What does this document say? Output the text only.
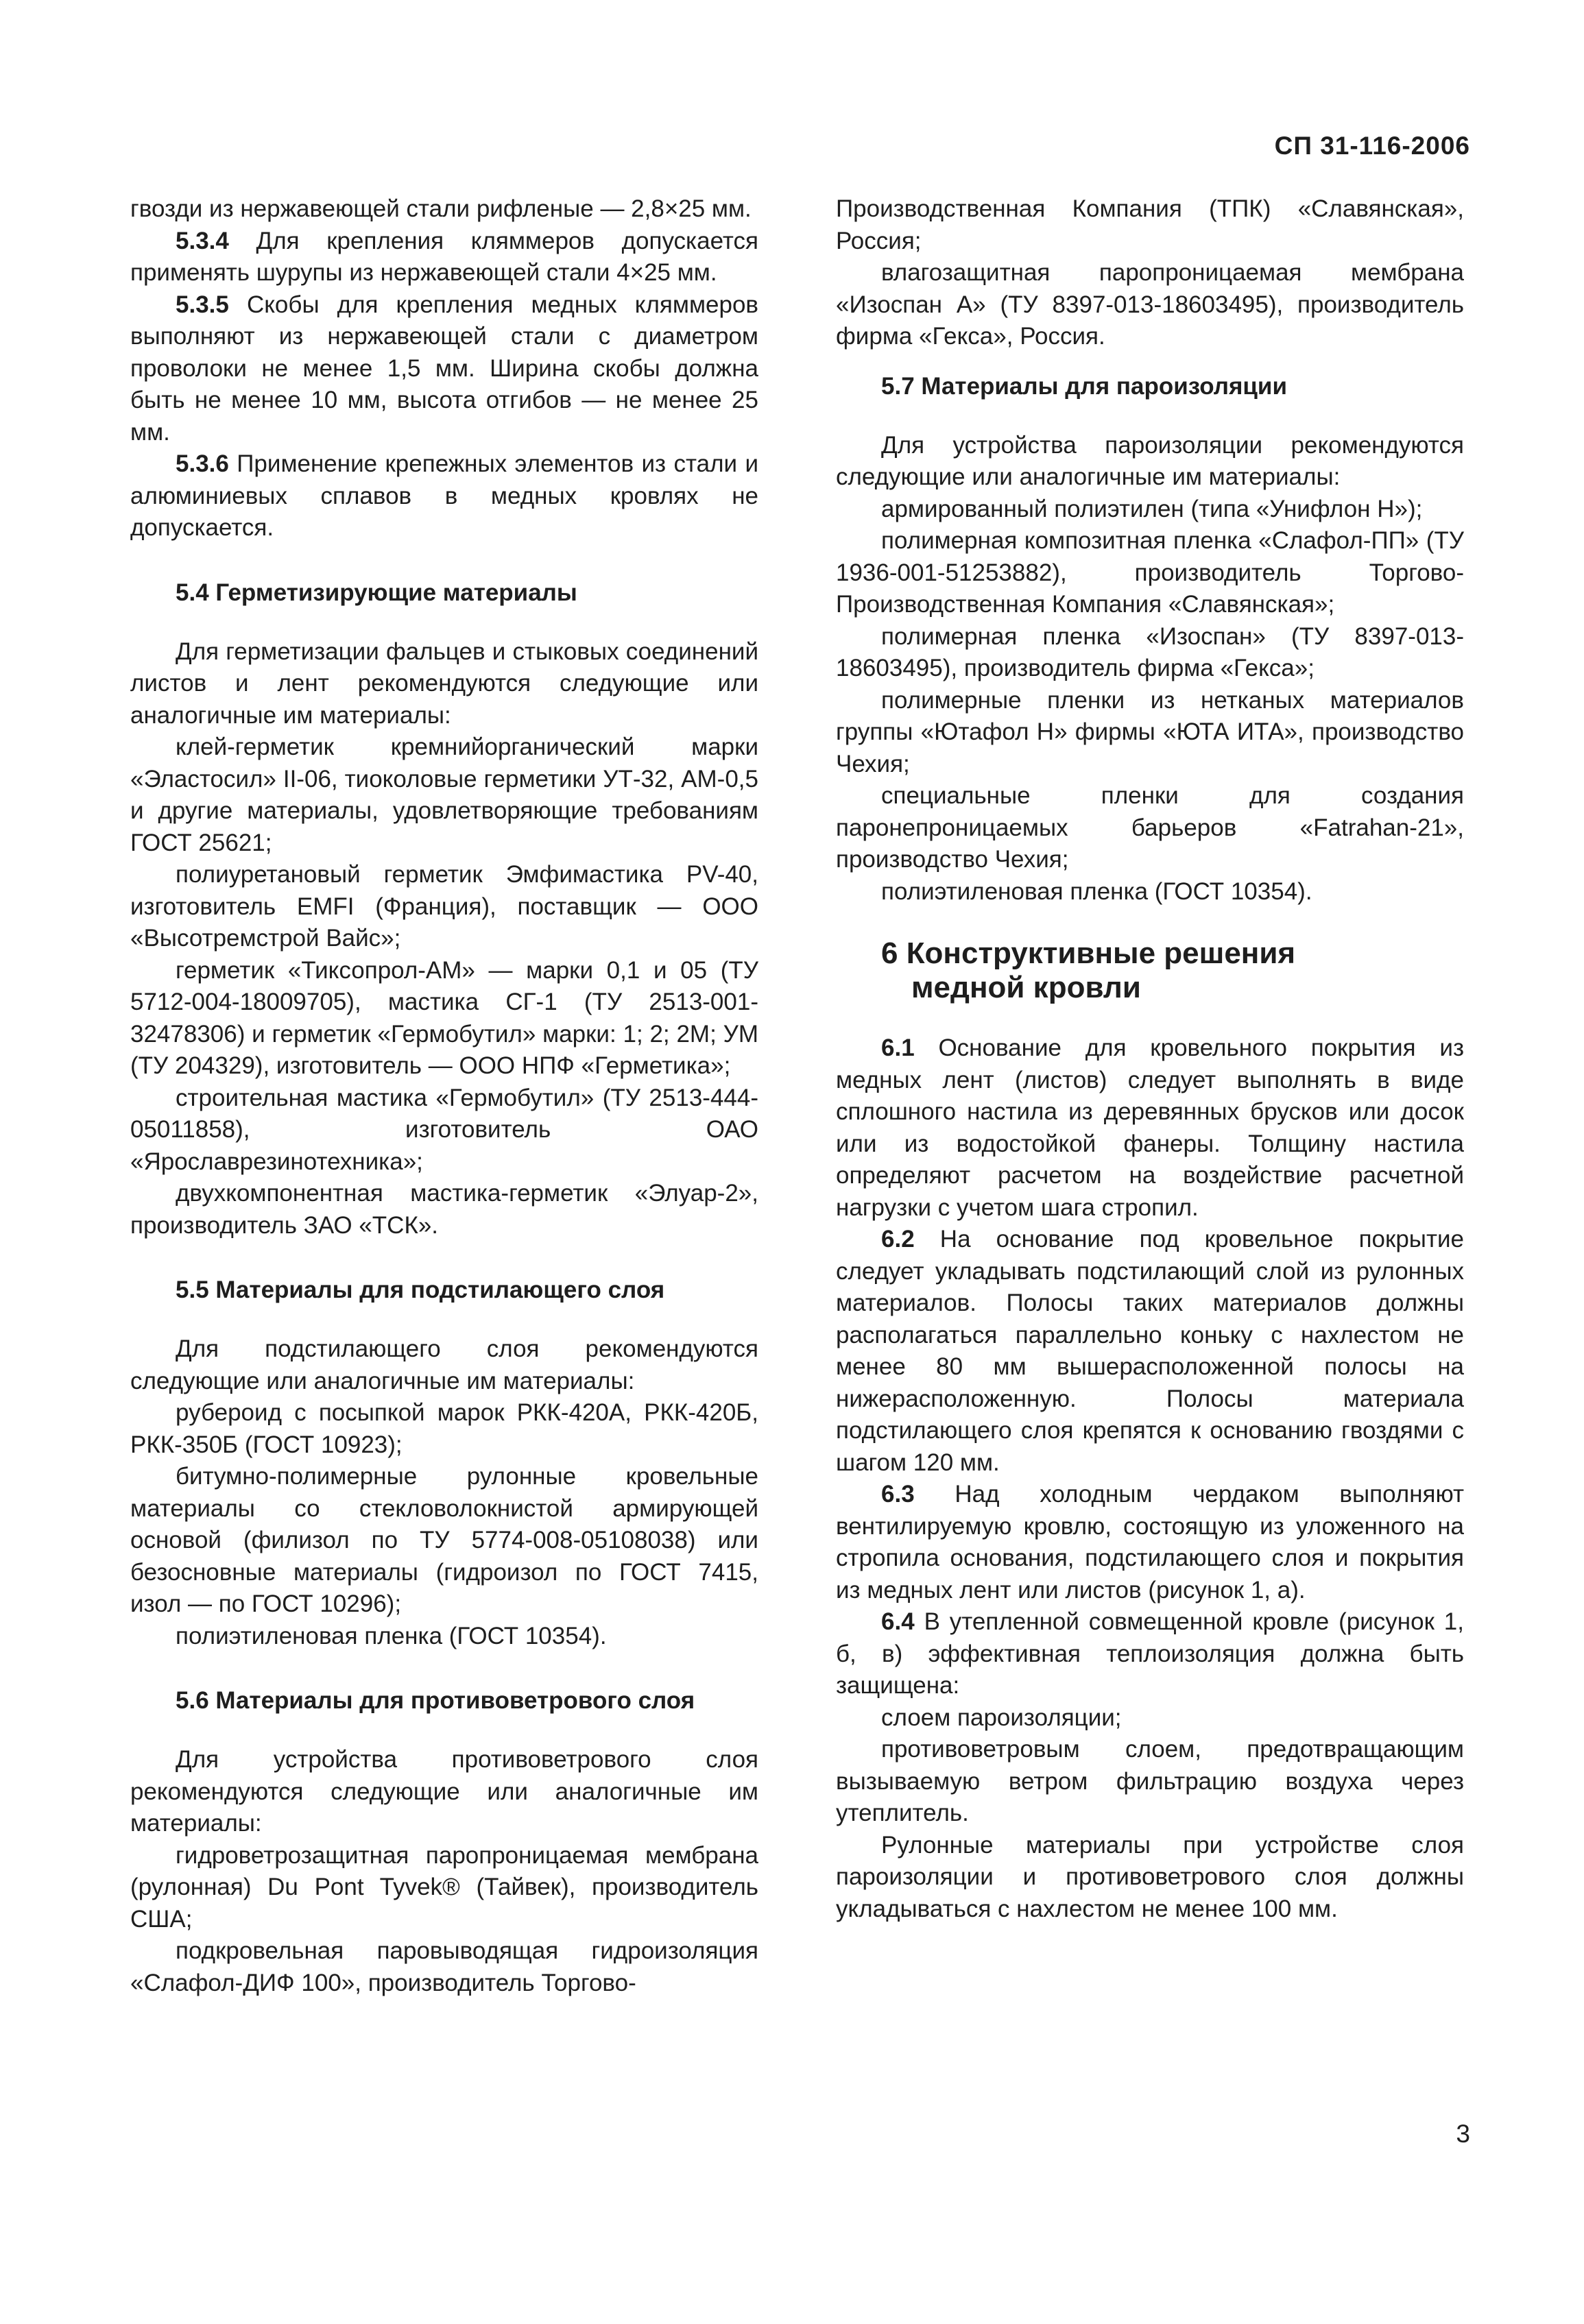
СП 31-116-2006

гвозди из нержавеющей стали рифленые — 2,8×25 мм.

5.3.4 Для крепления кляммеров допускается применять шурупы из нержавеющей стали 4×25 мм.

5.3.5 Скобы для крепления медных кляммеров выполняют из нержавеющей стали с диаметром проволоки не менее 1,5 мм. Ширина скобы должна быть не менее 10 мм, высота отгибов — не менее 25 мм.

5.3.6 Применение крепежных элементов из стали и алюминиевых сплавов в медных кровлях не допускается.

5.4 Герметизирующие материалы

Для герметизации фальцев и стыковых соединений листов и лент рекомендуются следующие или аналогичные им материалы:

клей-герметик кремнийорганический марки «Эластосил» II-06, тиоколовые герметики УТ-32, АМ-0,5 и другие материалы, удовлетворяющие требованиям ГОСТ 25621;

полиуретановый герметик Эмфимастика PV-40, изготовитель EMFI (Франция), поставщик — ООО «Высотремстрой Вайс»;

герметик «Тиксопрол-АМ» — марки 0,1 и 05 (ТУ 5712-004-18009705), мастика СГ-1 (ТУ 2513-001-32478306) и герметик «Гермобутил» марки: 1; 2; 2М; УМ (ТУ 204329), изготовитель — ООО НПФ «Герметика»;

строительная мастика «Гермобутил» (ТУ 2513-444-05011858), изготовитель ОАО «Ярославрезинотехника»;

двухкомпонентная мастика-герметик «Элуар-2», производитель ЗАО «ТСК».

5.5 Материалы для подстилающего слоя

Для подстилающего слоя рекомендуются следующие или аналогичные им материалы:

рубероид с посыпкой марок РКК-420А, РКК-420Б, РКК-350Б (ГОСТ 10923);

битумно-полимерные рулонные кровельные материалы со стекловолокнистой армирующей основой (филизол по ТУ 5774-008-05108038) или безосновные материалы (гидроизол по ГОСТ 7415, изол — по ГОСТ 10296);

полиэтиленовая пленка (ГОСТ 10354).

5.6 Материалы для противоветрового слоя

Для устройства противоветрового слоя рекомендуются следующие или аналогичные им материалы:

гидроветрозащитная паропроницаемая мембрана (рулонная) Du Pont Tyvek® (Тайвек), производитель США;

подкровельная паровыводящая гидроизоляция «Слафол-ДИФ 100», производитель Торгово-

Производственная Компания (ТПК) «Славянская», Россия;

влагозащитная паропроницаемая мембрана «Изоспан А» (ТУ 8397-013-18603495), производитель фирма «Гекса», Россия.

5.7 Материалы для пароизоляции

Для устройства пароизоляции рекомендуются следующие или аналогичные им материалы:

армированный полиэтилен (типа «Унифлон Н»);

полимерная композитная пленка «Слафол-ПП» (ТУ 1936-001-51253882), производитель Торгово-Производственная Компания «Славянская»;

полимерная пленка «Изоспан» (ТУ 8397-013-18603495), производитель фирма «Гекса»;

полимерные пленки из нетканых материалов группы «Ютафол Н» фирмы «ЮТА ИТА», производство Чехия;

специальные пленки для создания паронепроницаемых барьеров «Fatrahan-21», производство Чехия;

полиэтиленовая пленка (ГОСТ 10354).

6 Конструктивные решения
медной кровли

6.1 Основание для кровельного покрытия из медных лент (листов) следует выполнять в виде сплошного настила из деревянных брусков или досок или из водостойкой фанеры. Толщину настила определяют расчетом на воздействие расчетной нагрузки с учетом шага стропил.

6.2 На основание под кровельное покрытие следует укладывать подстилающий слой из рулонных материалов. Полосы таких материалов должны располагаться параллельно коньку с нахлестом не менее 80 мм вышерасположенной полосы на нижерасположенную. Полосы материала подстилающего слоя крепятся к основанию гвоздями с шагом 120 мм.

6.3 Над холодным чердаком выполняют вентилируемую кровлю, состоящую из уложенного на стропила основания, подстилающего слоя и покрытия из медных лент или листов (рисунок 1, а).

6.4 В утепленной совмещенной кровле (рисунок 1, б, в) эффективная теплоизоляция должна быть защищена:

слоем пароизоляции;

противоветровым слоем, предотвращающим вызываемую ветром фильтрацию воздуха через утеплитель.

Рулонные материалы при устройстве слоя пароизоляции и противоветрового слоя должны укладываться с нахлестом не менее 100 мм.

3
